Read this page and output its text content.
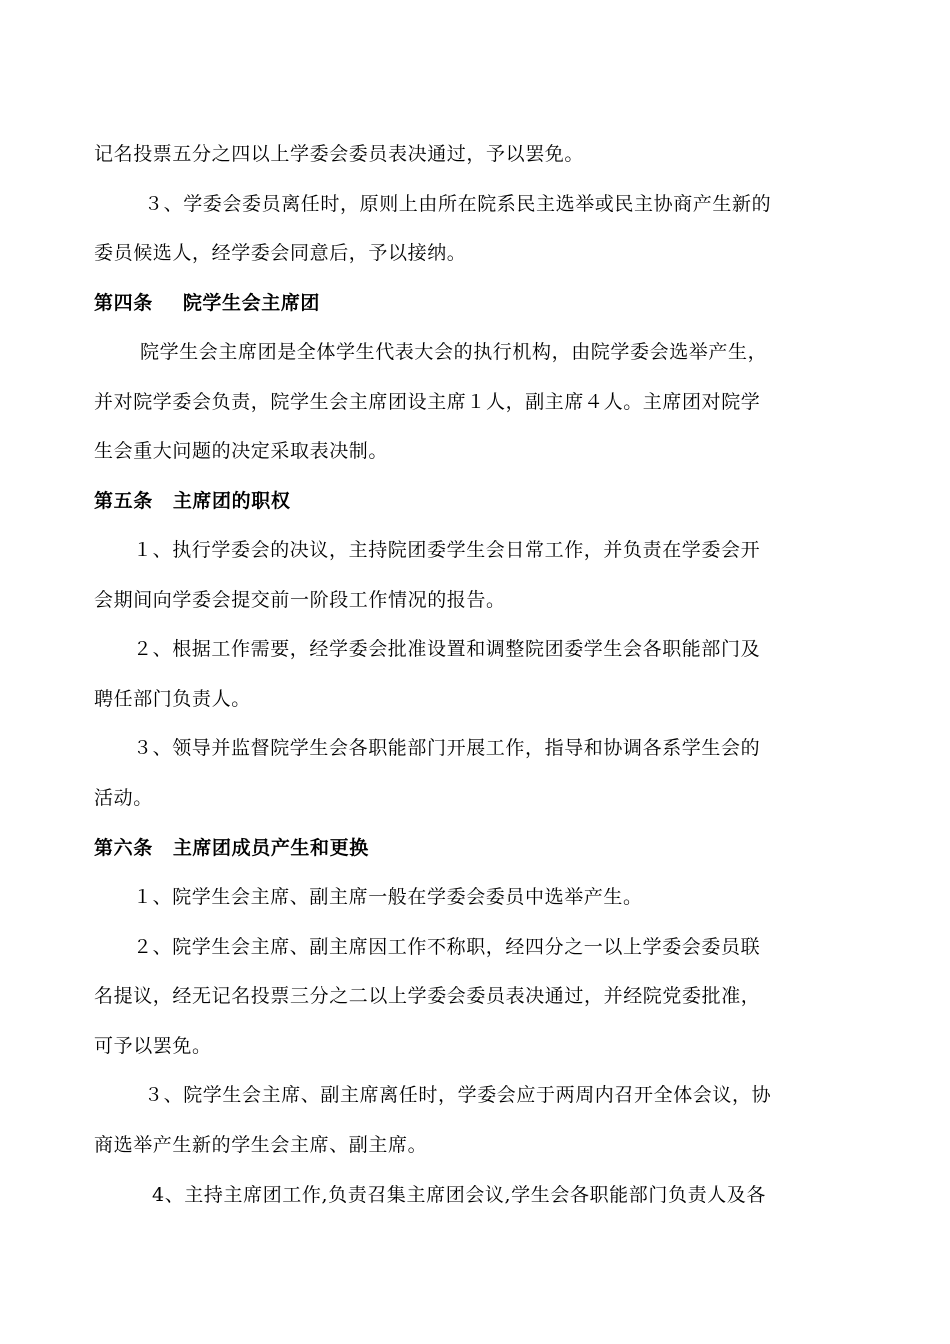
记名投票五分之四以上学委会委员表决通过，予以罢免。
３、学委会委员离任时，原则上由所在院系民主选举或民主协商产生新的
委员候选人，经学委会同意后，予以接纳。
第四条 院学生会主席团
院学生会主席团是全体学生代表大会的执行机构，由院学委会选举产生，
并对院学委会负责，院学生会主席团设主席１人，副主席４人。主席团对院学
生会重大问题的决定采取表决制。
第五条 主席团的职权
１、执行学委会的决议，主持院团委学生会日常工作，并负责在学委会开
会期间向学委会提交前一阶段工作情况的报告。
２、根据工作需要，经学委会批准设置和调整院团委学生会各职能部门及
聘任部门负责人。
３、领导并监督院学生会各职能部门开展工作，指导和协调各系学生会的
活动。
第六条 主席团成员产生和更换
１、院学生会主席、副主席一般在学委会委员中选举产生。
２、院学生会主席、副主席因工作不称职，经四分之一以上学委会委员联
名提议，经无记名投票三分之二以上学委会委员表决通过，并经院党委批准，
可予以罢免。
３、院学生会主席、副主席离任时，学委会应于两周内召开全体会议，协
商选举产生新的学生会主席、副主席。
4、主持主席团工作,负责召集主席团会议,学生会各职能部门负责人及各
